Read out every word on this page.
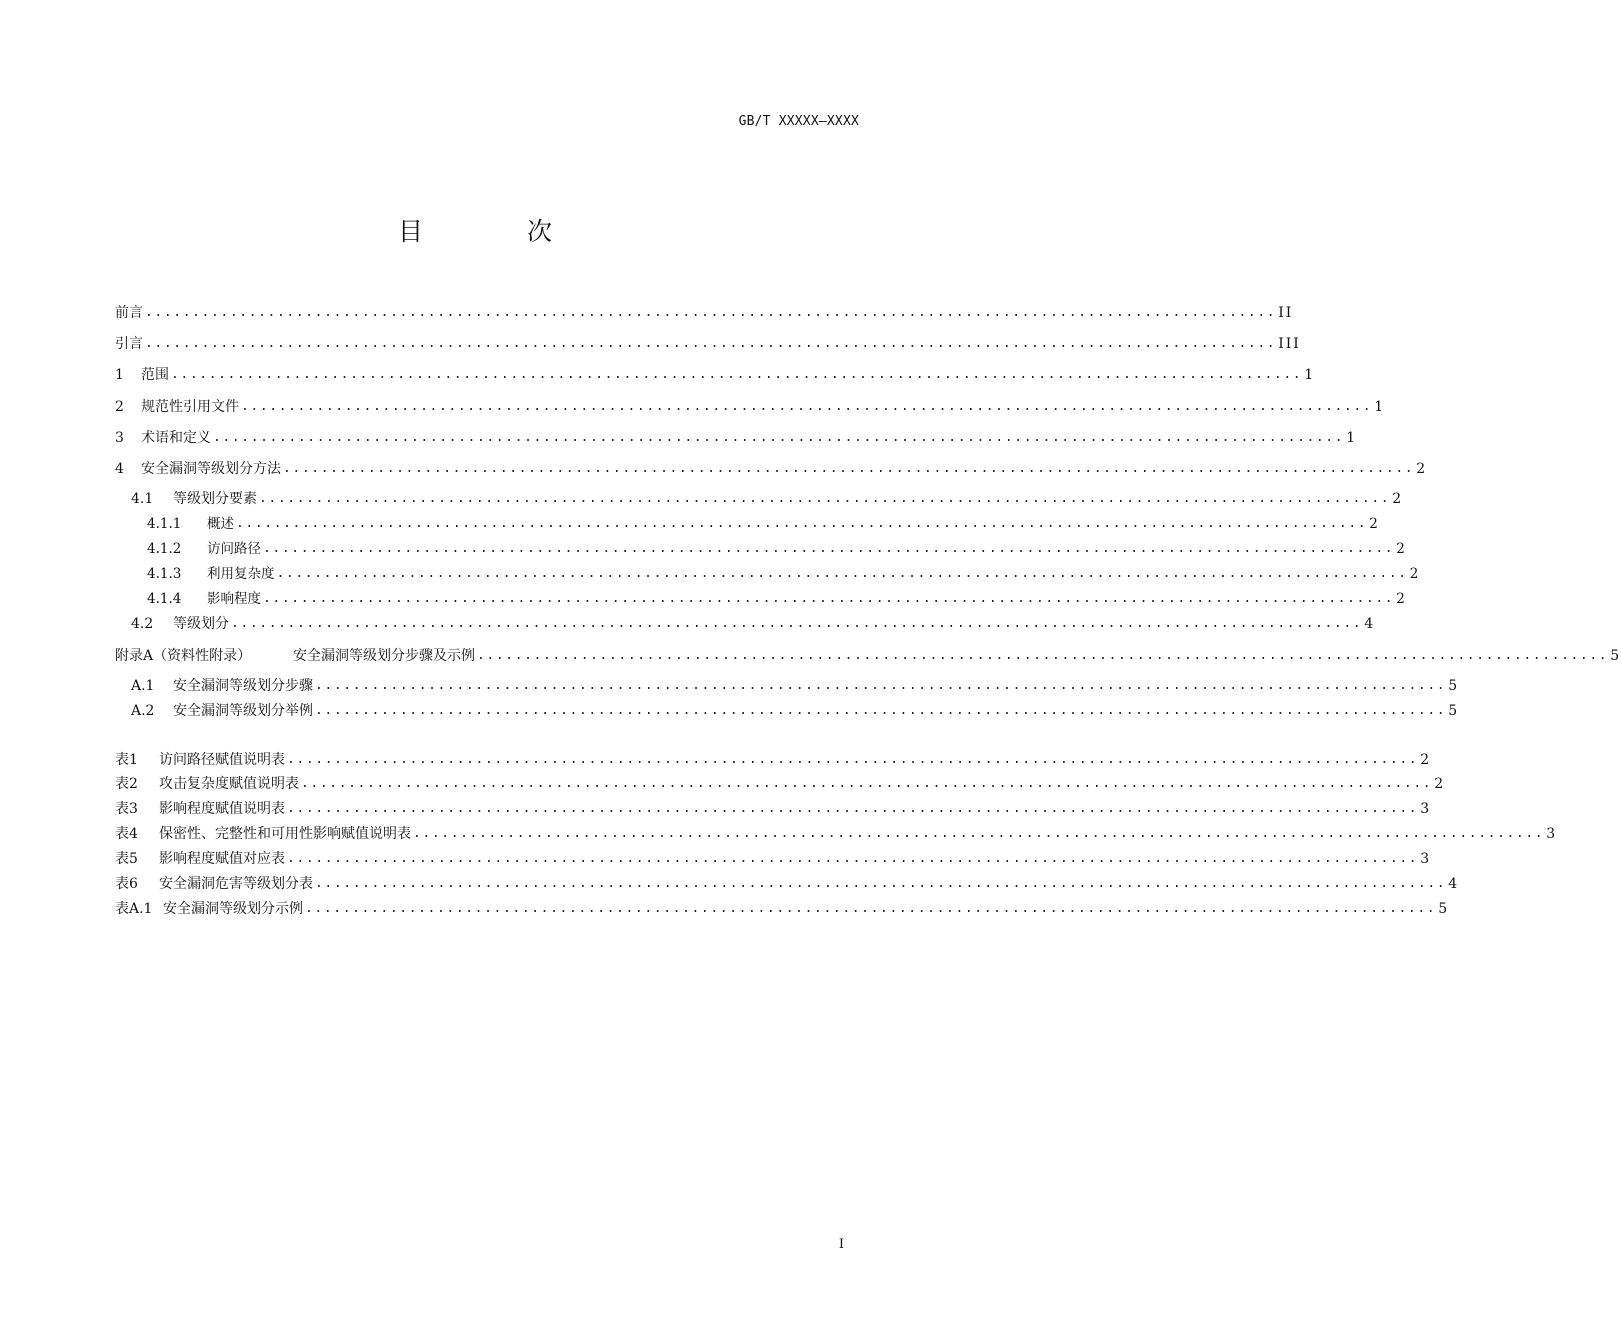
GB/T XXXXX—XXXX
目 次
前言 ........................................................................................................................ II
引言 ........................................................................................................................ III
1	范围 ........................................................................................................................ 1
2	规范性引用文件 ........................................................................................................................ 1
3	术语和定义 ........................................................................................................................ 1
4	安全漏洞等级划分方法 ........................................................................................................................ 2
4.1	等级划分要素 ........................................................................................................................ 2
4.1.1	概述 ........................................................................................................................ 2
4.1.2	访问路径 ........................................................................................................................ 2
4.1.3	利用复杂度 ........................................................................................................................ 2
4.1.4	影响程度 ........................................................................................................................ 2
4.2	等级划分 ........................................................................................................................ 4
附录A（资料性附录）	安全漏洞等级划分步骤及示例 ........................................................................................................................ 5
A.1	安全漏洞等级划分步骤 ........................................................................................................................ 5
A.2	安全漏洞等级划分举例 ........................................................................................................................ 5
表1	访问路径赋值说明表 ........................................................................................................................ 2
表2	攻击复杂度赋值说明表 ........................................................................................................................ 2
表3	影响程度赋值说明表 ........................................................................................................................ 3
表4	保密性、完整性和可用性影响赋值说明表 ........................................................................................................................ 3
表5	影响程度赋值对应表 ........................................................................................................................ 3
表6	安全漏洞危害等级划分表 ........................................................................................................................ 4
表A.1 安全漏洞等级划分示例 ........................................................................................................................ 5
I
